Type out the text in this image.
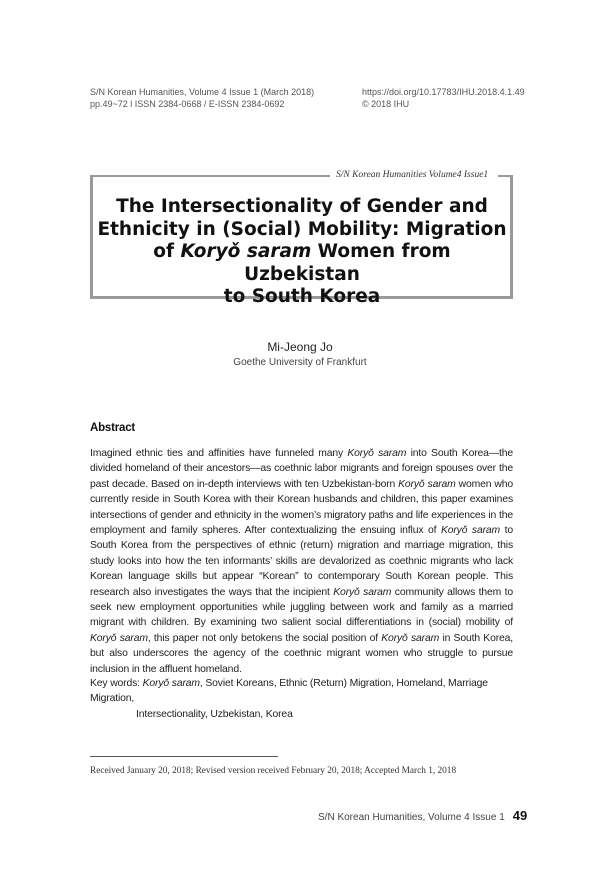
S/N Korean Humanities, Volume 4 Issue 1 (March 2018)
pp.49~72 l ISSN 2384-0668 / E-ISSN 2384-0692
https://doi.org/10.17783/IHU.2018.4.1.49
© 2018 IHU
S/N Korean Humanities Volume4 Issue1
The Intersectionality of Gender and
Ethnicity in (Social) Mobility: Migration
of Koryǒ saram Women from Uzbekistan
to South Korea
Mi-Jeong Jo
Goethe University of Frankfurt
Abstract
Imagined ethnic ties and affinities have funneled many Koryǒ saram into South Korea—the divided homeland of their ancestors—as coethnic labor migrants and foreign spouses over the past decade. Based on in-depth interviews with ten Uzbekistan-born Koryǒ saram women who currently reside in South Korea with their Korean husbands and children, this paper examines intersections of gender and ethnicity in the women’s migratory paths and life experiences in the employment and family spheres. After contextualizing the ensuing influx of Koryǒ saram to South Korea from the perspectives of ethnic (return) migration and marriage migration, this study looks into how the ten informants’ skills are devalorized as coethnic migrants who lack Korean language skills but appear “Korean” to contemporary South Korean people. This research also investigates the ways that the incipient Koryǒ saram community allows them to seek new employment opportunities while juggling between work and family as a married migrant with children. By examining two salient social differentiations in (social) mobility of Koryǒ saram, this paper not only betokens the social position of Koryǒ saram in South Korea, but also underscores the agency of the coethnic migrant women who struggle to pursue inclusion in the affluent homeland.
Key words: Koryǒ saram, Soviet Koreans, Ethnic (Return) Migration, Homeland, Marriage Migration,
Intersectionality, Uzbekistan, Korea
Received January 20, 2018; Revised version received February 20, 2018; Accepted March 1, 2018
S/N Korean Humanities, Volume 4 Issue 1 49
